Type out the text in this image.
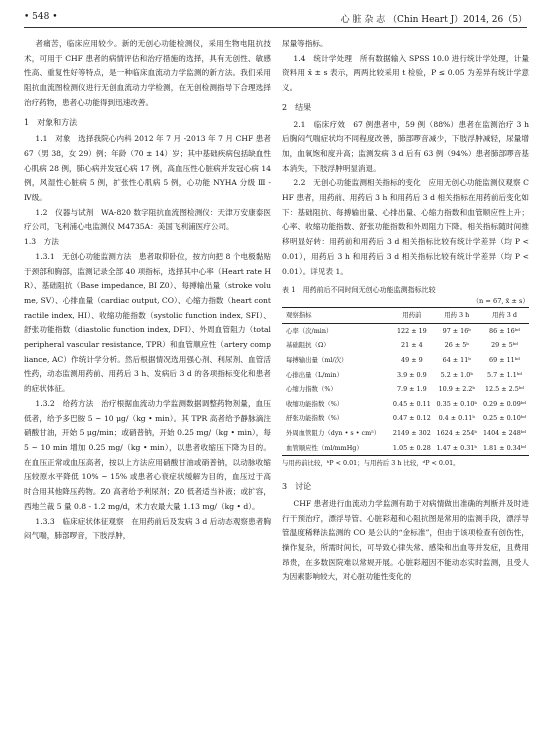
• 548 •	心 脏 杂 志 （Chin Heart J）2014, 26（5）

者痛苦，临床应用较少。新的无创心功能检测仪，采用生物电阻抗技术，可用于 CHF 患者的病情评估和治疗措施的选择，具有无创性、敏感性高、重复性好等特点，是一种临床血流动力学监测的新方法。我们采用阻抗血流图检测仪进行无创血流动力学检测，在无创检测指导下合理选择治疗药物，患者心功能得到迅速改善。

1　对象和方法

1.1　对象　选择我院心内科 2012 年 7 月 -2013 年 7 月 CHF 患者 67（男 38，女 29）例；年龄（70 ± 14）岁；其中基础疾病包括缺血性心肌病 28 例，肺心病并发冠心病 17 例，高血压性心脏病并发冠心病 14 例，风湿性心脏病 5 例，扩张性心肌病 5 例，心功能 NYHA 分级 Ⅲ - Ⅳ级。

1.2　仪器与试剂　WA-820 数字阻抗血流图检测仪：天津万安康泰医疗公司，飞利浦心电监测仪 M4735A：美国飞利浦医疗公司。

1.3　方法

1.3.1　无创心功能监测方法　患者取仰卧位，按方向把 8 个电极黏贴于颈部和胸部，监测记录全部 40 项指标，选择其中心率（Heart rate HR）、基础阻抗（Base impedance, BI Z0）、每搏输出量（stroke volume, SV）、心排血量（cardiac output, CO）、心缩力指数（heart contractile index, HI）、收缩功能指数（systolic function index, SFI）、舒张功能指数（diastolic function index, DFI）、外周血管阻力（total peripheral vascular resistance, TPR）和血管顺应性（artery compliance, AC）作统计学分析。然后根据情况选用强心剂、利尿剂、血管活性药，动态监测用药前、用药后 3 h、发病后 3 d 的各项指标变化和患者的症状体征。

1.3.2　给药方法　治疗根据血流动力学监测数据调整药物剂量，血压低者，给予多巴胺 5 ~ 10 μg/（kg • min）。其 TPR 高者给予静脉滴注硝酸甘油，开始 5 μg/min；或硝普钠，开始 0.25 mg/（kg • min），每 5 ~ 10 min 增加 0.25 mg/（kg • min），以患者收缩压下降为目的。在血压正常或血压高者，按以上方法应用硝酸甘油或硝普钠，以动脉收缩压较原水平降低 10% ~ 15% 或患者心衰症状缓解为目的，血压过于高时合用其他降压药物。Z0 高者给予利尿剂；Z0 低者适当补液；或扩容，西地兰裁 5 量 0.8 - 1.2 mg/d，术力农最大量 1.13 mg/（kg • d）。

1.3.3　临床症状体征观察　在用药前后及发病 3 d 后动态观察患者胸闷气喘，肺部啰音，下肢浮肿，

尿量等指标。

1.4　统计学处理　所有数据输入 SPSS 10.0 进行统计学处理，计量资料用 x̄ ± s 表示，两两比较采用 t 检验，P ≤ 0.05 为差异有统计学意义。

2　结果

2.1　临床疗效　67 例患者中，59 例（88%）患者在监测治疗 3 h 后胸闷气喘症状均不同程度改善，肺部啰音减少，下肢浮肿减轻，尿量增加，血氧饱和度升高；监测发病 3 d 后有 63 例（94%）患者肺部啰音基本消失，下肢浮肿明显消退。

2.2　无创心功能监测相关指标的变化　应用无创心功能监测仪观察 CHF 患者，用药前、用药后 3 h 和用药后 3 d 相关指标在用药前后变化如下：基础阻抗、每搏输出量、心排出量、心缩力指数和血管顺应性上升；心率、收缩功能指数、舒张功能指数和外周阻力下降。相关指标随时间推移明显好转：用药前和用药后 3 d 相关指标比较有统计学差异（均 P < 0.01），用药后 3 h 和用药后 3 d 相关指标比较有统计学差异（均 P < 0.01）。详见表 1。

表 1　用药前后不同时间无创心功能监测指标比较
（n = 67, x̄ ± s）
观察指标	用药前	用药 3 h	用药 3 d
心率（次/min）	122 ± 19	97 ± 16ᵇ	86 ± 16ᵇᵈ
基础阻抗（Ω）	21 ± 4	26 ± 5ᵇ	29 ± 5ᵇᵈ
每搏输出量（ml/次）	49 ± 9	64 ± 11ᵇ	69 ± 11ᵇᵈ
心排出量（L/min）	3.9 ± 0.9	5.2 ± 1.0ᵇ	5.7 ± 1.1ᵇᵈ
心缩力指数（%）	7.9 ± 1.9	10.9 ± 2.2ᵇ	12.5 ± 2.5ᵇᵈ
收缩功能指数（%）	0.45 ± 0.11	0.35 ± 0.10ᵇ	0.29 ± 0.09ᵇᵈ
舒张功能指数（%）	0.47 ± 0.12	0.4 ± 0.11ᵇ	0.25 ± 0.10ᵇᵈ
外周血管阻力（dyn • s • cm⁵）	2149 ± 302	1624 ± 254ᵇ	1404 ± 248ᵇᵈ
血管顺应性（ml/mmHg）	1.05 ± 0.28	1.47 ± 0.31ᵇ	1.81 ± 0.34ᵇᵈ
与用药前比较，ᵇP < 0.01；与用药后 3 h 比较，ᵈP < 0.01。
3　讨论

CHF 患者进行血流动力学监测有助于对病情做出准确的判断并及时进行干预治疗，漂浮导管、心脏彩超和心阻抗图是常用的监测手段，漂浮导管温度稀释法监测的 CO 是公认的“金标准”，但由于该项检查有创伤性，操作复杂，所需时间长，可导致心律失常、感染和出血等并发症，且费用昂贵，在多数医院难以常规开展。心脏彩超因不能动态实时监测，且受人为因素影响较大，对心脏功能性变化的
